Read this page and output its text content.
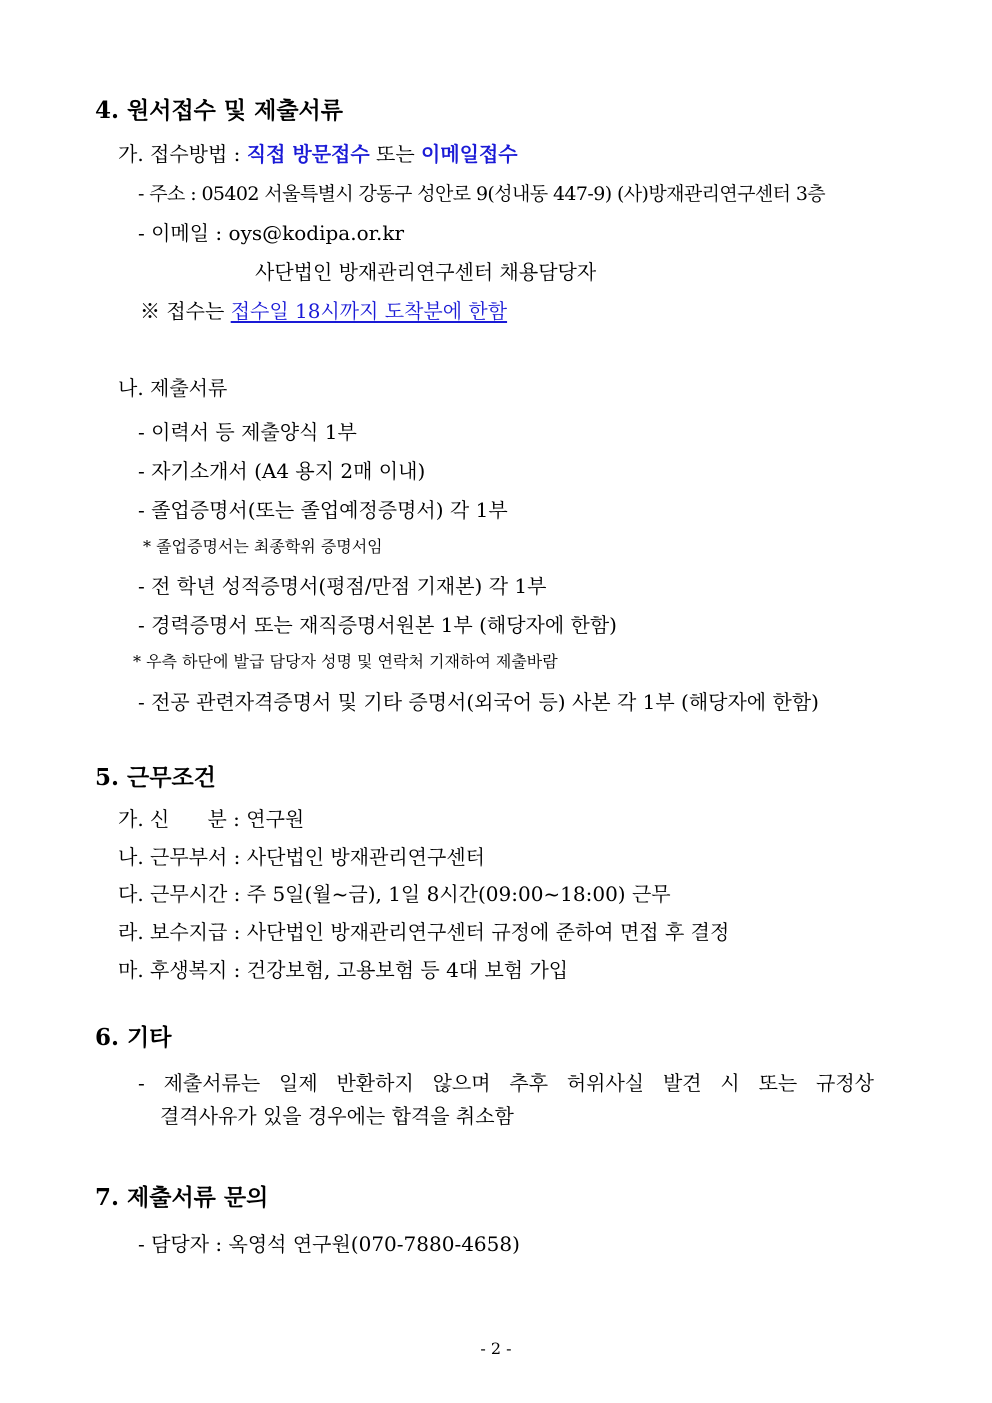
4. 원서접수 및 제출서류
가. 접수방법 : 직접 방문접수 또는 이메일접수
- 주소 : 05402 서울특별시 강동구 성안로 9(성내동 447-9) (사)방재관리연구센터 3층
- 이메일 : oys@kodipa.or.kr
사단법인 방재관리연구센터 채용담당자
※ 접수는 접수일 18시까지 도착분에 한함
나. 제출서류
- 이력서 등 제출양식 1부
- 자기소개서 (A4 용지 2매 이내)
- 졸업증명서(또는 졸업예정증명서) 각 1부
* 졸업증명서는 최종학위 증명서임
- 전 학년 성적증명서(평점/만점 기재본) 각 1부
- 경력증명서 또는 재직증명서원본 1부 (해당자에 한함)
* 우측 하단에 발급 담당자 성명 및 연락처 기재하여 제출바람
- 전공 관련자격증명서 및 기타 증명서(외국어 등) 사본 각 1부 (해당자에 한함)
5. 근무조건
가. 신      분 : 연구원
나. 근무부서 : 사단법인 방재관리연구센터
다. 근무시간 : 주 5일(월~금), 1일 8시간(09:00~18:00) 근무
라. 보수지급 : 사단법인 방재관리연구센터 규정에 준하여 면접 후 결정
마. 후생복지 : 건강보험, 고용보험 등 4대 보험 가입
6. 기타
- 제출서류는 일제 반환하지 않으며 추후 허위사실 발견 시 또는 규정상
결격사유가 있을 경우에는 합격을 취소함
7. 제출서류 문의
- 담당자 : 옥영석 연구원(070-7880-4658)
- 2 -
